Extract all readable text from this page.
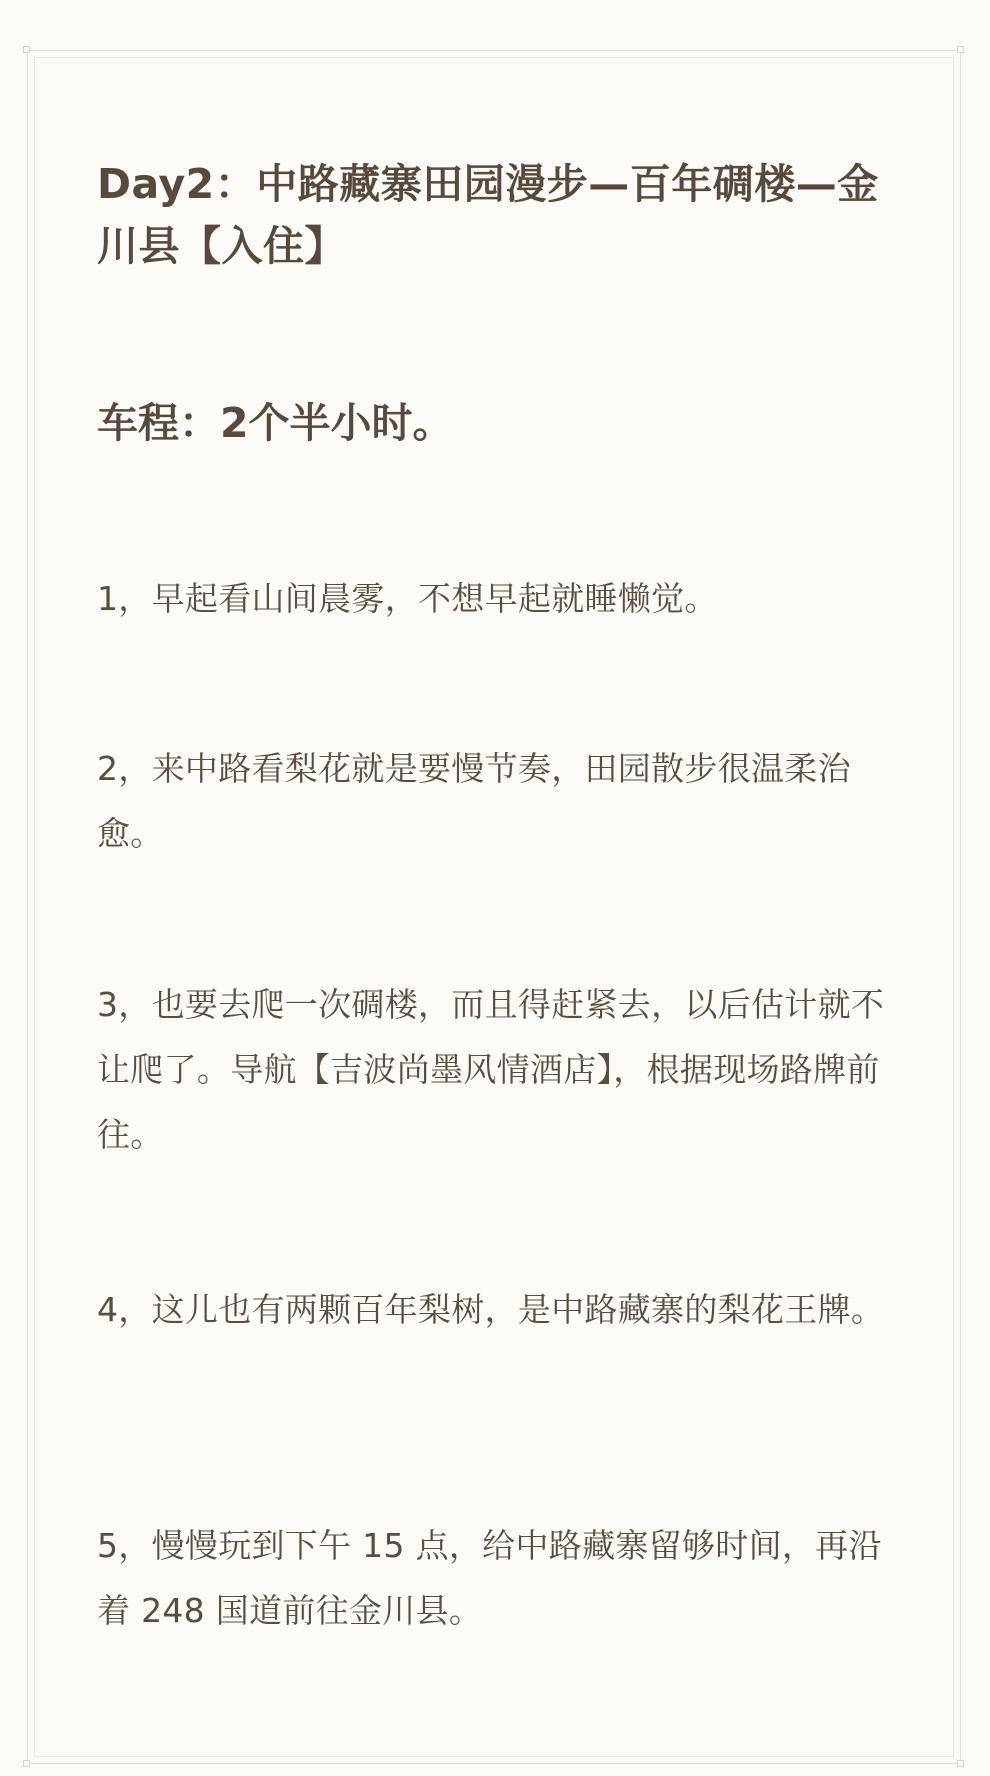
Day2：中路藏寨田园漫步—百年碉楼—金川县【入住】

车程：2个半小时。

1，早起看山间晨雾，不想早起就睡懒觉。

2，来中路看梨花就是要慢节奏，田园散步很温柔治愈。

3，也要去爬一次碉楼，而且得赶紧去，以后估计就不让爬了。导航【吉波尚墨风情酒店】，根据现场路牌前往。

4，这儿也有两颗百年梨树，是中路藏寨的梨花王牌。

5，慢慢玩到下午 15 点，给中路藏寨留够时间，再沿着 248 国道前往金川县。
